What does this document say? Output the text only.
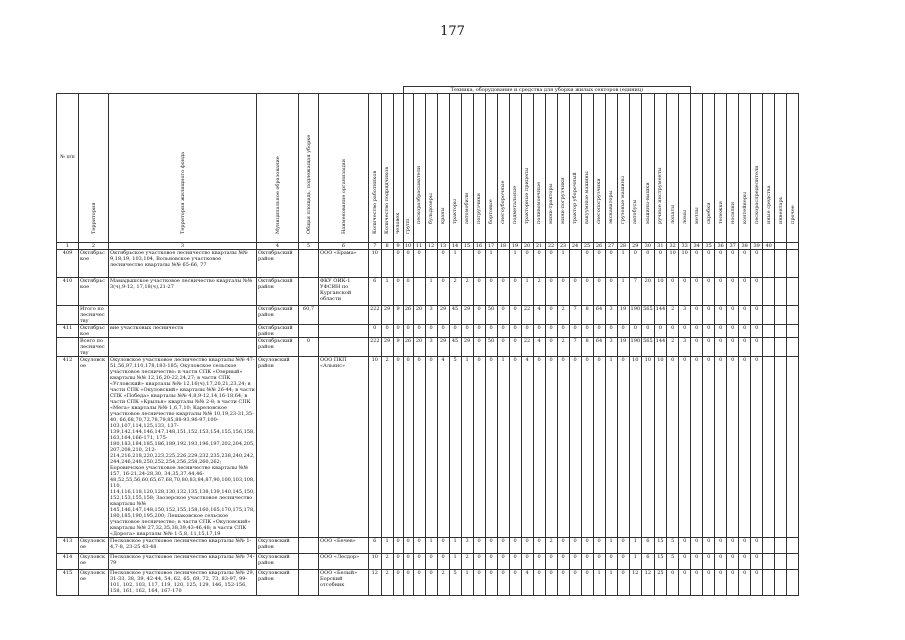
177
									Техника, оборудование и средства для уборки жилых секторов (единиц)																																

№ п/п	Территория	Территория жилищного фонда	Муниципальное образование	Общая площадь, подлежащая уборке	Наименование организации	Количество работников	Количество подрядчиков	человек	групп	пескоразбрасыватели	бульдозеры	краны	тракторы	автомобили	погрузчики	бортовые	снегоуборочные	подметальные	тракторные прицепы	поливомоечные	мини-тракторы	мини-погрузчики	трактор уборочный	вакуумные машины	снегопогрузчики	экскаваторы	грузовые машины	автобусы	машины-вышки	ручные инструменты	лопаты	ломы	метлы	скребки	тележки	носилки	контейнеры	пескораспределители	иные средства	инвентарь	прочее

1	2	3	4	5	6	7	8	9	10	11	12	13	14	15	16	17	18	19	20	21	22	23	24	25	26	27	28	29	30	31	32	33	34	35	36	37	38	39	40		
409	Октябрьское	Октябрьское участковое лесничество кварталы №№ 9,18,19, 103,104, Вольновское участковое лесничество кварталы №№ 65-66, 77	Октябрьский район		ООО «Брама»	10		0	0	0		0	1		0	1		1	0	0	0	1		0	0	0	1	0	0	0	10	10	0	0	0	0	0	0			
410	Октябрьское	Мамадышское участковое лесничество кварталы №№ 3(ч),9-12, 17,18(ч),21-27	Октябрьский район		ФКУ ОИК-1 УФСИН по Курганской области	6	1	0	0		1	0	2	2	0	0	0	0	1	2	0	0	0	0	0	0	1	7	20	10	0	0	0	0	0	0	0	0			
	Итого по лесничеству		Октябрьский район	60,7		222	29	9	26	20	3	29	45	29	0	50	0	0	22	4	0	2	7	8	64	3	19	190	565	144	2	3	0	0	0	0	0	0			
411	Октябрьское	вне участковых лесничеств	Октябрьский район			0	0	0	0	0	0	0	0	0	0	0	0	0	0	0	0	0	0	0	0	0	0	0	0	0	0	0	0	0	0	0	0	0			
	Всего по лесничеству		Октябрьский район	0		222	29	9	26	20	3	29	45	29	0	50	0	0	22	4	0	2	7	8	64	3	19	190	565	144	2	3	0	0	0	0	0	0			
412	Окуловское	Окуловское участковое лесничество кварталы №№ 47-51,56,97,110,178,183-185; Окуловское сельское участковое лесничество: в части СПК «Озерный» кварталы №№ 12,16,20-22,24,27; в части СПК «Угловский» кварталы №№ 12,16(ч),17,20,21,23,24; в части СПК «Окуловский» кварталы №№ 26-44; в части СПК «Победа» кварталы №№ 4,8,9-12,14,16-18,64; в части СПК «Крылья» кварталы №№ 2-8; в части СПК «Мега» кварталы №№ 1,6,7,10; Кареловское участковое лесничество кварталы №№ 10,19,23-31,35-40, 66,68,70,72,78,79,85,88-93,96-97,100-103,107,114,125,133, 137-139,142,144,146,147,148,151,152,153,154,155,156,158,163,164,166-171, 175-180,183,184,185,186,189,192,193,196,197,202,204,205,207,208,210, 212-214,216,218,220,223,225,226,229,232,235,238,240,242,244,246,248,250,252,254,256,258,260,262; Боровичское участковое лесничество кварталы №№ 157, 16-21,24-28,30, 34,35,37,44,46-48,52,55,56,60,65,67,68,70,80,83,84,87,90,100,103,108,110, 114,116,118,120,128,130,132,135,138,139,140,145,150,152,153,155,158; Заозерское участковое лесничество кварталы №№ 145,146,147,148,150,152,155,158,160,165,170,175,178,180,185,190,195,200; Лешаковское сельское участковое лесничество; в части СПК «Окуловский» кварталы №№ 27,32,35,38,39,43-46,48; в части СПК «Дорога» кварталы №№ 1-5,8, 11,15,17,19	Окуловский район		ООО ПКП «Альянс»	10	2	0	0	0	0	4	5	1	0	0	1	0	4	0	0	0	0	0	0	1	0	10	10	10	0	0	0	0	0	0	0	0			
413	Окуловское	Песковское участковое лесничество кварталы №№ 1-4,7-8, 23-25 43-48	Окуловский район		ООО «Бечев»	6	1	0	0	0	1	0	1	3	0	0	0	0	0	0	2	0	0	0	0	1	0	1	6	15	5	0	0	0	0	0	0	0			
414	Окуловское	Песковское участковое лесничество кварталы №№ 74-79	Окуловский район		ООО «Лесдор»	10	2	0	0	0	0	0	1	2	0	0	0	0	0	0	0	0	0	0	0	0	0	1	6	15	5	0	0	0	0	0	0	0			
415	Окуловское	Песковское участковое лесничество кварталы №№ 29, 31-33, 38, 39, 42-44, 54, 62, 65, 69, 72, 73, 83-97, 99-101, 102, 103, 117, 119, 120, 125, 129, 146, 152-156, 158, 161, 162, 164, 167-170	Окуловский район		ООО «Белый» Борский отсобник	12	2	0	0	0	0	2	5	1	0	0	0	0	4	0	0	0	0	0	1	1	0	12	12	25	0	0	0	0	0	0	0	0			
